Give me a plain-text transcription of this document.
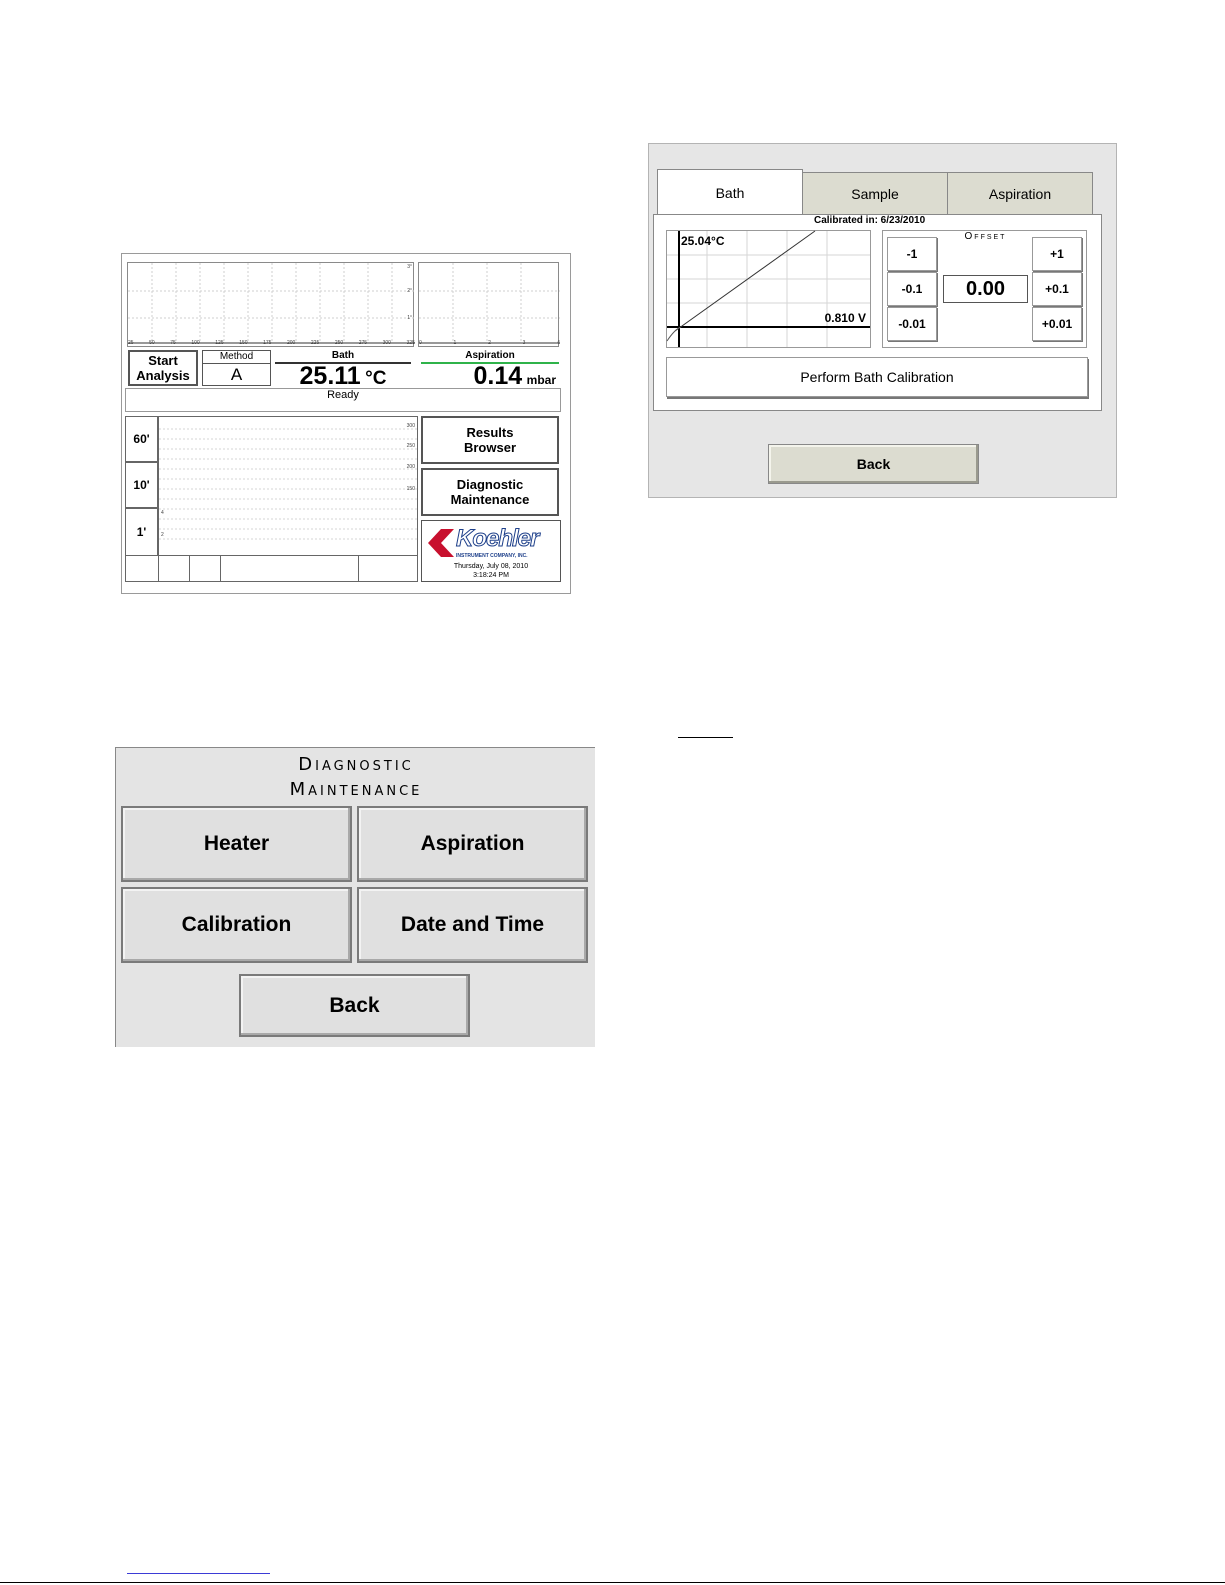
25	50	75	100	125	150	175	200	225	250	275	300	325
3°
2°
1°
0	-1	-2	-3	-4
Start
Analysis
Method
A
Bath
25.11 °C
Aspiration
0.14 mbar
Ready
60'
10'
1'
300
250
200
150
4
2
Results
Browser
Diagnostic
Maintenance
Koehler
INSTRUMENT COMPANY, INC.
Thursday, July 08, 2010
3:18:24 PM
Bath	Sample	Aspiration
Calibrated in: 6/23/2010
25.04°C
0.810 V
Offset
-1
-0.1
-0.01
+1
+0.1
+0.01
0.00
Perform Bath Calibration
Back
Diagnostic
Maintenance
Heater	Aspiration
Calibration	Date and Time
Back
